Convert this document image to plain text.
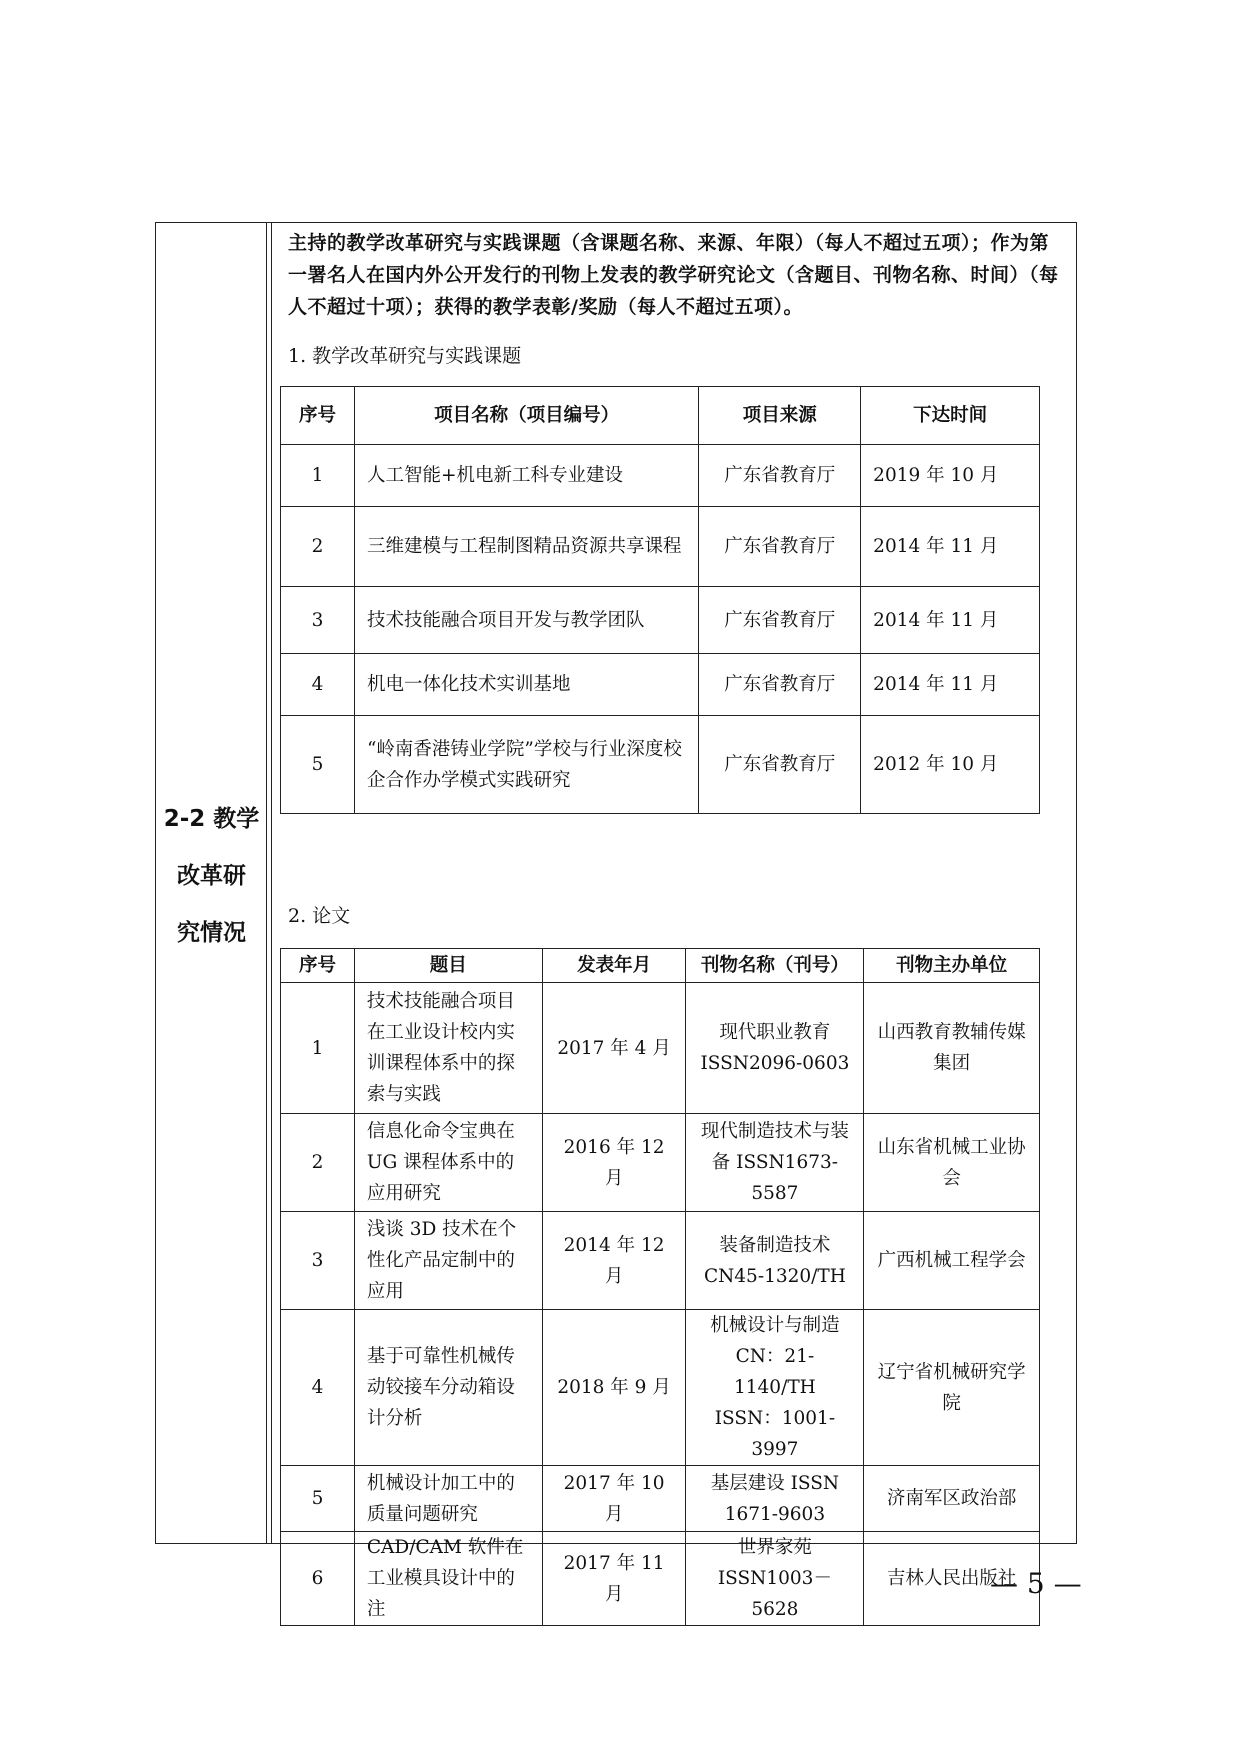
2-2 教学
改革研
究情况
主持的教学改革研究与实践课题（含课题名称、来源、年限）（每人不超过五项）；作为第一署名人在国内外公开发行的刊物上发表的教学研究论文（含题目、刊物名称、时间）（每人不超过十项）；获得的教学表彰/奖励（每人不超过五项）。
1. 教学改革研究与实践课题
序号	项目名称（项目编号）	项目来源	下达时间
1	人工智能+机电新工科专业建设	广东省教育厅	2019 年 10 月
2	三维建模与工程制图精品资源共享课程	广东省教育厅	2014 年 11 月
3	技术技能融合项目开发与教学团队	广东省教育厅	2014 年 11 月
4	机电一体化技术实训基地	广东省教育厅	2014 年 11 月
5	“岭南香港铸业学院”学校与行业深度校企合作办学模式实践研究	广东省教育厅	2012 年 10 月
2. 论文
序号	题目	发表年月	刊物名称（刊号）	刊物主办单位
1	技术技能融合项目在工业设计校内实训课程体系中的探索与实践	2017 年 4 月	现代职业教育 ISSN2096-0603	山西教育教辅传媒集团
2	信息化命令宝典在 UG 课程体系中的应用研究	2016 年 12 月	现代制造技术与装备 ISSN1673-5587	山东省机械工业协会
3	浅谈 3D 技术在个性化产品定制中的应用	2014 年 12 月	装备制造技术 CN45-1320/TH	广西机械工程学会
4	基于可靠性机械传动铰接车分动箱设计分析	2018 年 9 月	机械设计与制造 CN：21-1140/TH ISSN：1001-3997	辽宁省机械研究学院
5	机械设计加工中的质量问题研究	2017 年 10 月	基层建设 ISSN 1671-9603	济南军区政治部
6	CAD/CAM 软件在工业模具设计中的注	2017 年 11 月	世界家苑 ISSN1003－5628	吉林人民出版社
— 5 —
